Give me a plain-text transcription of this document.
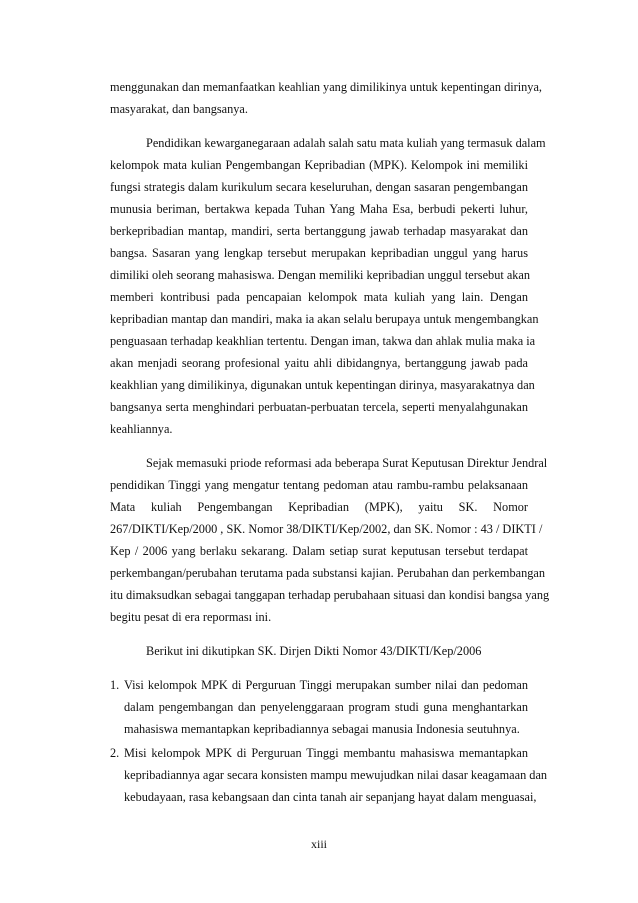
menggunakan dan memanfaatkan keahlian yang dimilikinya untuk kepentingan dirinya,
masyarakat, dan bangsanya.
Pendidikan kewarganegaraan adalah salah satu mata kuliah yang termasuk dalam
kelompok mata kulian Pengembangan Kepribadian (MPK). Kelompok ini memiliki
fungsi strategis dalam kurikulum secara keseluruhan, dengan sasaran pengembangan
munusia beriman, bertakwa kepada Tuhan Yang Maha Esa, berbudi pekerti luhur,
berkepribadian mantap, mandiri, serta bertanggung jawab terhadap masyarakat dan
bangsa. Sasaran yang lengkap tersebut merupakan kepribadian unggul yang harus
dimiliki oleh seorang mahasiswa. Dengan memiliki kepribadian unggul tersebut akan
memberi kontribusi pada pencapaian kelompok mata kuliah yang lain. Dengan
kepribadian mantap dan mandiri, maka ia akan selalu berupaya untuk mengembangkan
penguasaan terhadap keakhlian tertentu. Dengan iman, takwa dan ahlak mulia maka ia
akan menjadi seorang profesional yaitu ahli dibidangnya, bertanggung jawab pada
keakhlian yang dimilikinya, digunakan untuk kepentingan dirinya, masyarakatnya dan
bangsanya serta menghindari perbuatan-perbuatan tercela, seperti menyalahgunakan
keahliannya.
Sejak memasuki priode reformasi ada beberapa Surat Keputusan Direktur Jendral
pendidikan Tinggi yang mengatur tentang pedoman atau rambu-rambu pelaksanaan
Mata kuliah Pengembangan Kepribadian (MPK), yaitu SK. Nomor
267/DIKTI/Kep/2000 , SK. Nomor 38/DIKTI/Kep/2002, dan SK. Nomor : 43 / DIKTI /
Kep / 2006 yang berlaku sekarang. Dalam setiap surat keputusan tersebut terdapat
perkembangan/perubahan terutama pada substansi kajian. Perubahan dan perkembangan
itu dimaksudkan sebagai tanggapan terhadap perubahaan situasi dan kondisi bangsa yang
begitu pesat di era reporması ini.
Berikut ini dikutipkan SK. Dirjen Dikti Nomor 43/DIKTI/Kep/2006
1. Visi kelompok MPK di Perguruan Tinggi merupakan sumber nilai dan pedoman
dalam pengembangan dan penyelenggaraan program studi guna menghantarkan
mahasiswa memantapkan kepribadiannya sebagai manusia Indonesia seutuhnya.
2. Misi kelompok MPK di Perguruan Tinggi membantu mahasiswa memantapkan
kepribadiannya agar secara konsisten mampu mewujudkan nilai dasar keagamaan dan
kebudayaan, rasa kebangsaan dan cinta tanah air sepanjang hayat dalam menguasai,
xiii
